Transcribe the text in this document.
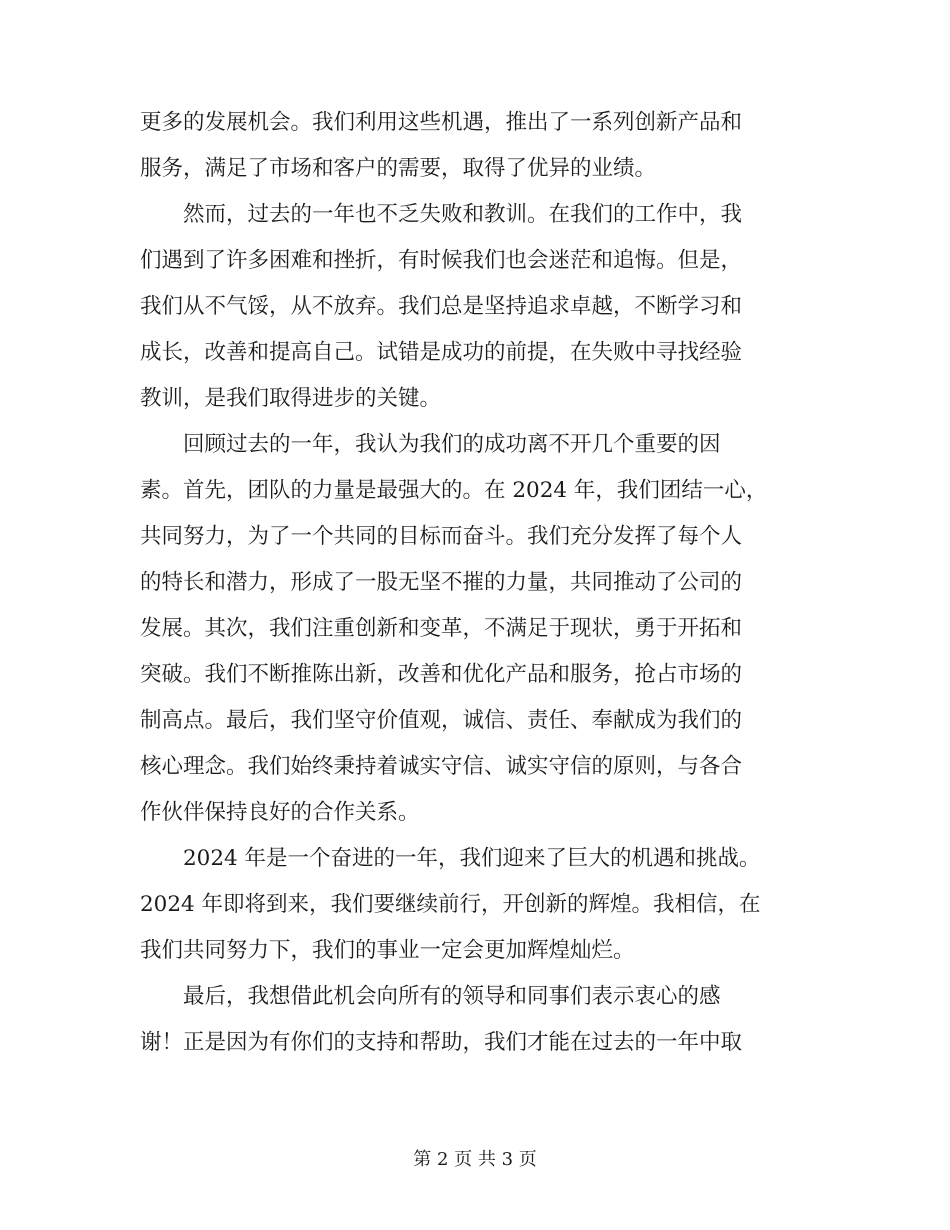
更多的发展机会。我们利用这些机遇，推出了一系列创新产品和
服务，满足了市场和客户的需要，取得了优异的业绩。
　　然而，过去的一年也不乏失败和教训。在我们的工作中，我
们遇到了许多困难和挫折，有时候我们也会迷茫和追悔。但是，
我们从不气馁，从不放弃。我们总是坚持追求卓越，不断学习和
成长，改善和提高自己。试错是成功的前提，在失败中寻找经验
教训，是我们取得进步的关键。
　　回顾过去的一年，我认为我们的成功离不开几个重要的因
素。首先，团队的力量是最强大的。在 2024 年，我们团结一心，
共同努力，为了一个共同的目标而奋斗。我们充分发挥了每个人
的特长和潜力，形成了一股无坚不摧的力量，共同推动了公司的
发展。其次，我们注重创新和变革，不满足于现状，勇于开拓和
突破。我们不断推陈出新，改善和优化产品和服务，抢占市场的
制高点。最后，我们坚守价值观，诚信、责任、奉献成为我们的
核心理念。我们始终秉持着诚实守信、诚实守信的原则，与各合
作伙伴保持良好的合作关系。
　　2024 年是一个奋进的一年，我们迎来了巨大的机遇和挑战。
2024 年即将到来，我们要继续前行，开创新的辉煌。我相信，在
我们共同努力下，我们的事业一定会更加辉煌灿烂。
　　最后，我想借此机会向所有的领导和同事们表示衷心的感
谢！正是因为有你们的支持和帮助，我们才能在过去的一年中取
第 2 页 共 3 页
